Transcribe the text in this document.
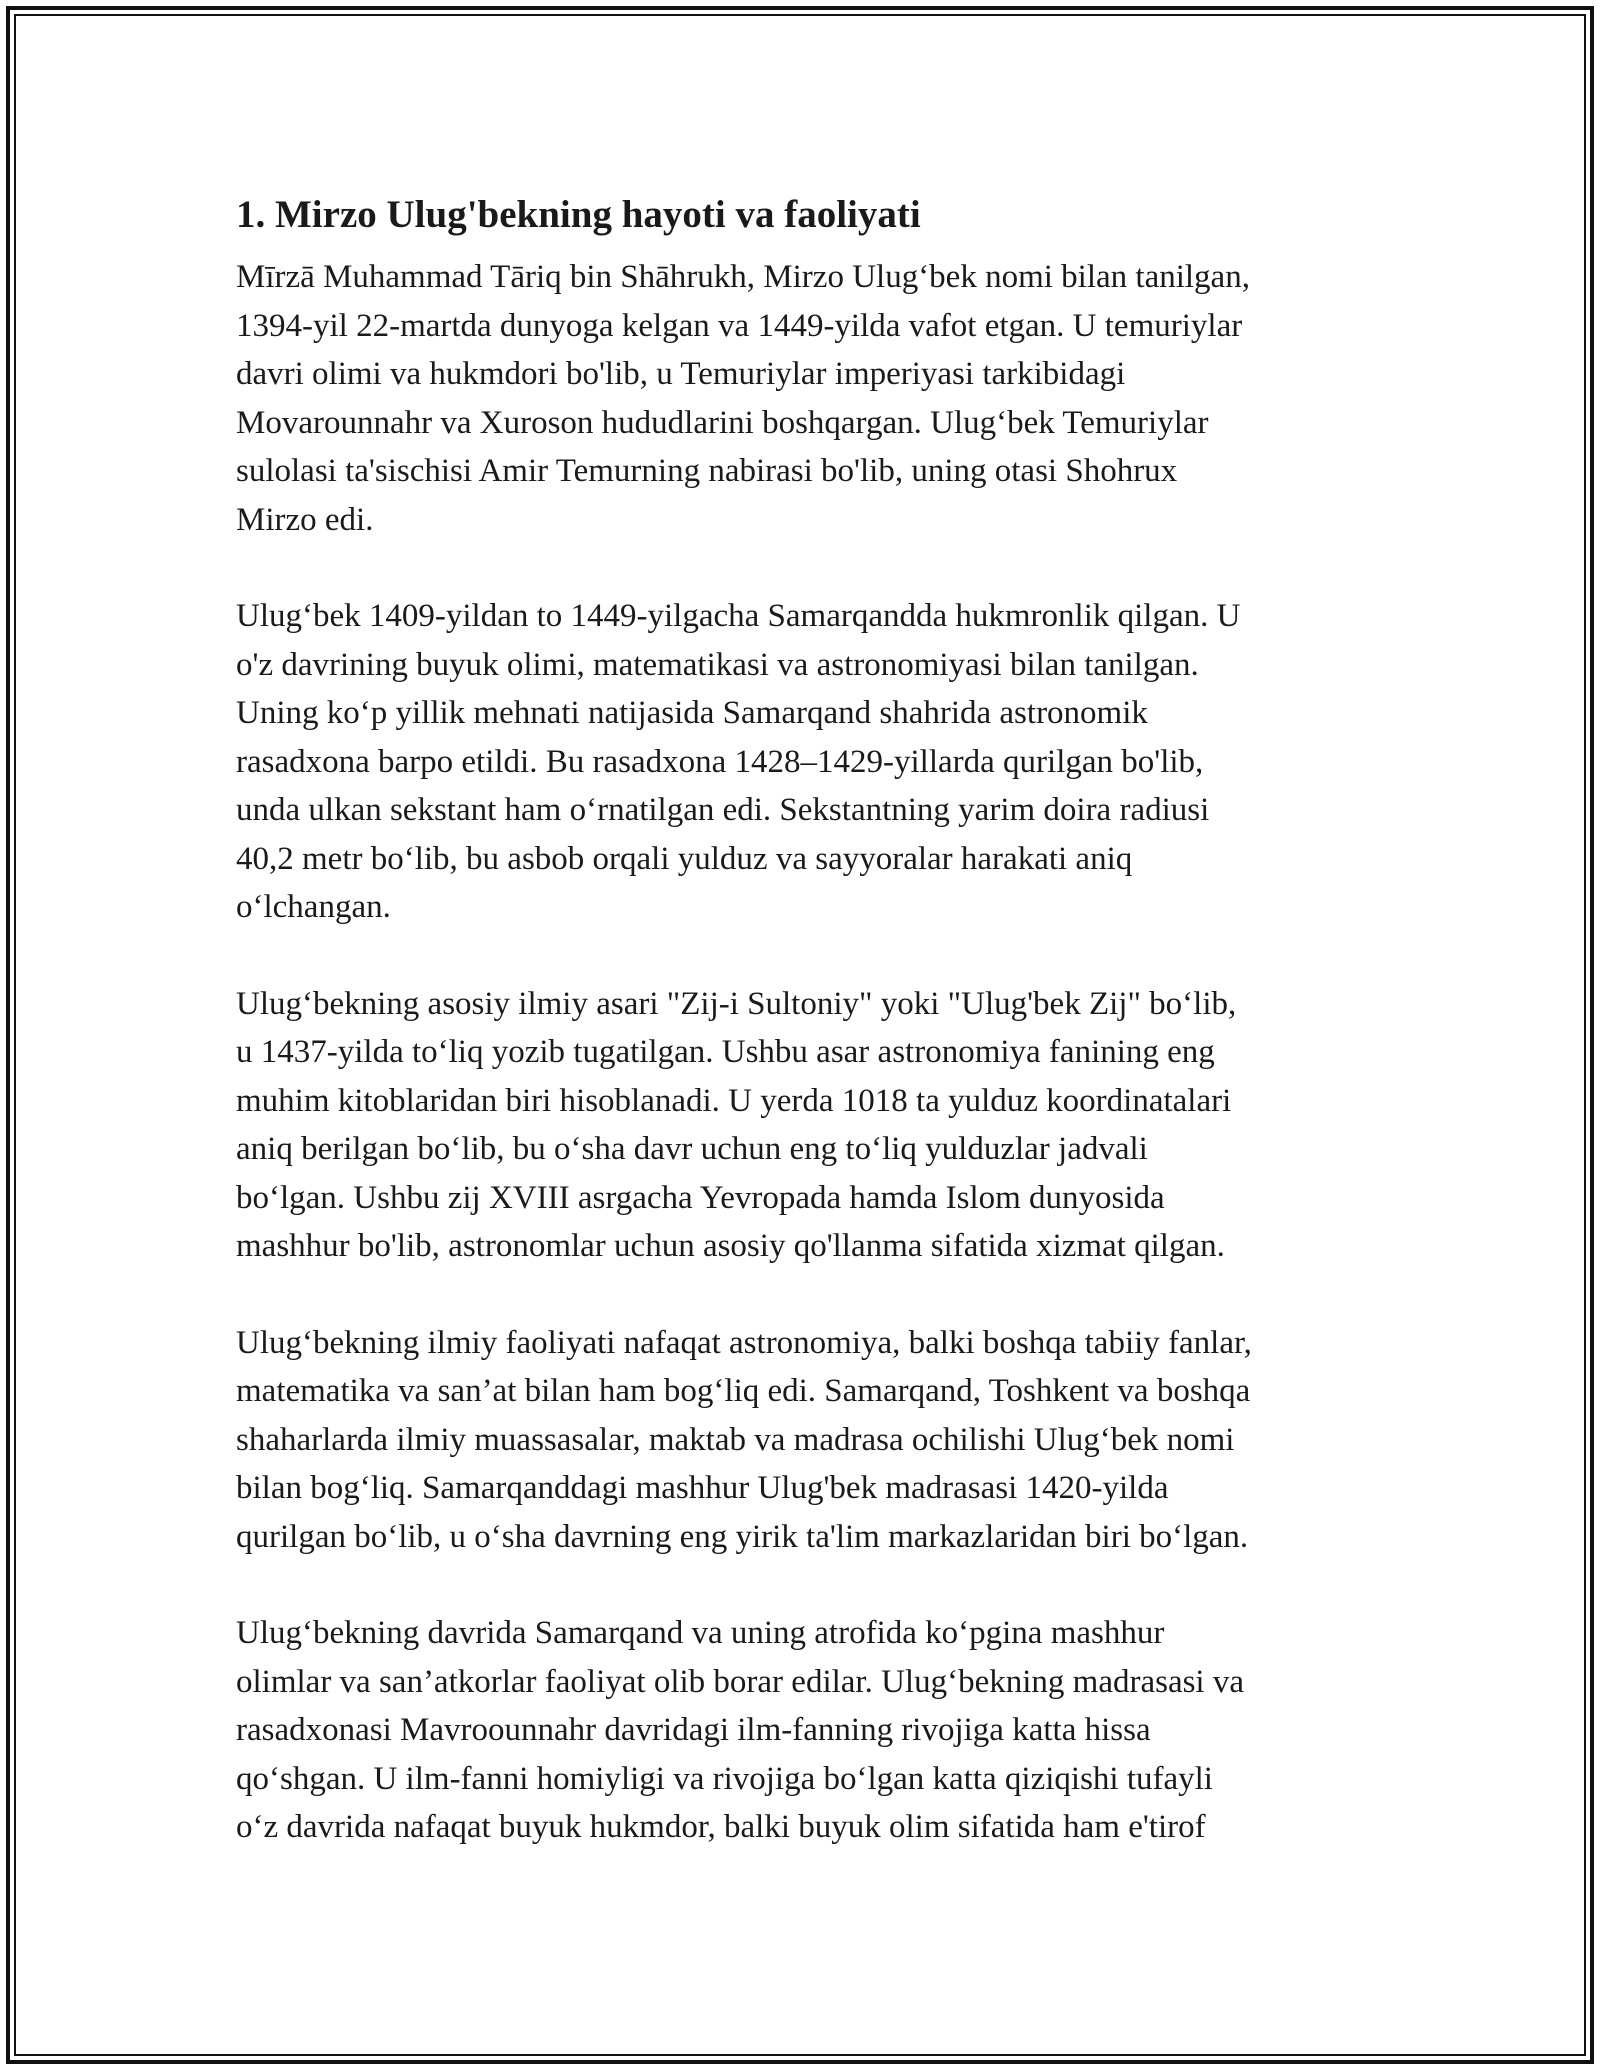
1. Mirzo Ulug'bekning hayoti va faoliyati
Mīrzā Muhammad Tāriq bin Shāhrukh, Mirzo Ulugʻbek nomi bilan tanilgan,
1394-yil 22-martda dunyoga kelgan va 1449-yilda vafot etgan. U temuriylar
davri olimi va hukmdori bo'lib, u Temuriylar imperiyasi tarkibidagi
Movarounnahr va Xuroson hududlarini boshqargan. Ulugʻbek Temuriylar
sulolasi ta'sischisi Amir Temurning nabirasi bo'lib, uning otasi Shohrux
Mirzo edi.
Ulugʻbek 1409-yildan to 1449-yilgacha Samarqandda hukmronlik qilgan. U
o'z davrining buyuk olimi, matematikasi va astronomiyasi bilan tanilgan.
Uning koʻp yillik mehnati natijasida Samarqand shahrida astronomik
rasadxona barpo etildi. Bu rasadxona 1428–1429-yillarda qurilgan bo'lib,
unda ulkan sekstant ham oʻrnatilgan edi. Sekstantning yarim doira radiusi
40,2 metr boʻlib, bu asbob orqali yulduz va sayyoralar harakati aniq
oʻlchangan.
Ulugʻbekning asosiy ilmiy asari "Zij-i Sultoniy" yoki "Ulug'bek Zij" boʻlib,
u 1437-yilda toʻliq yozib tugatilgan. Ushbu asar astronomiya fanining eng
muhim kitoblaridan biri hisoblanadi. U yerda 1018 ta yulduz koordinatalari
aniq berilgan boʻlib, bu oʻsha davr uchun eng toʻliq yulduzlar jadvali
boʻlgan. Ushbu zij XVIII asrgacha Yevropada hamda Islom dunyosida
mashhur bo'lib, astronomlar uchun asosiy qo'llanma sifatida xizmat qilgan.
Ulugʻbekning ilmiy faoliyati nafaqat astronomiya, balki boshqa tabiiy fanlar,
matematika va san’at bilan ham bogʻliq edi. Samarqand, Toshkent va boshqa
shaharlarda ilmiy muassasalar, maktab va madrasa ochilishi Ulugʻbek nomi
bilan bogʻliq. Samarqanddagi mashhur Ulug'bek madrasasi 1420-yilda
qurilgan boʻlib, u oʻsha davrning eng yirik ta'lim markazlaridan biri boʻlgan.
Ulugʻbekning davrida Samarqand va uning atrofida koʻpgina mashhur
olimlar va san’atkorlar faoliyat olib borar edilar. Ulugʻbekning madrasasi va
rasadxonasi Mavroounnahr davridagi ilm-fanning rivojiga katta hissa
qoʻshgan. U ilm-fanni homiyligi va rivojiga boʻlgan katta qiziqishi tufayli
oʻz davrida nafaqat buyuk hukmdor, balki buyuk olim sifatida ham e'tirof
